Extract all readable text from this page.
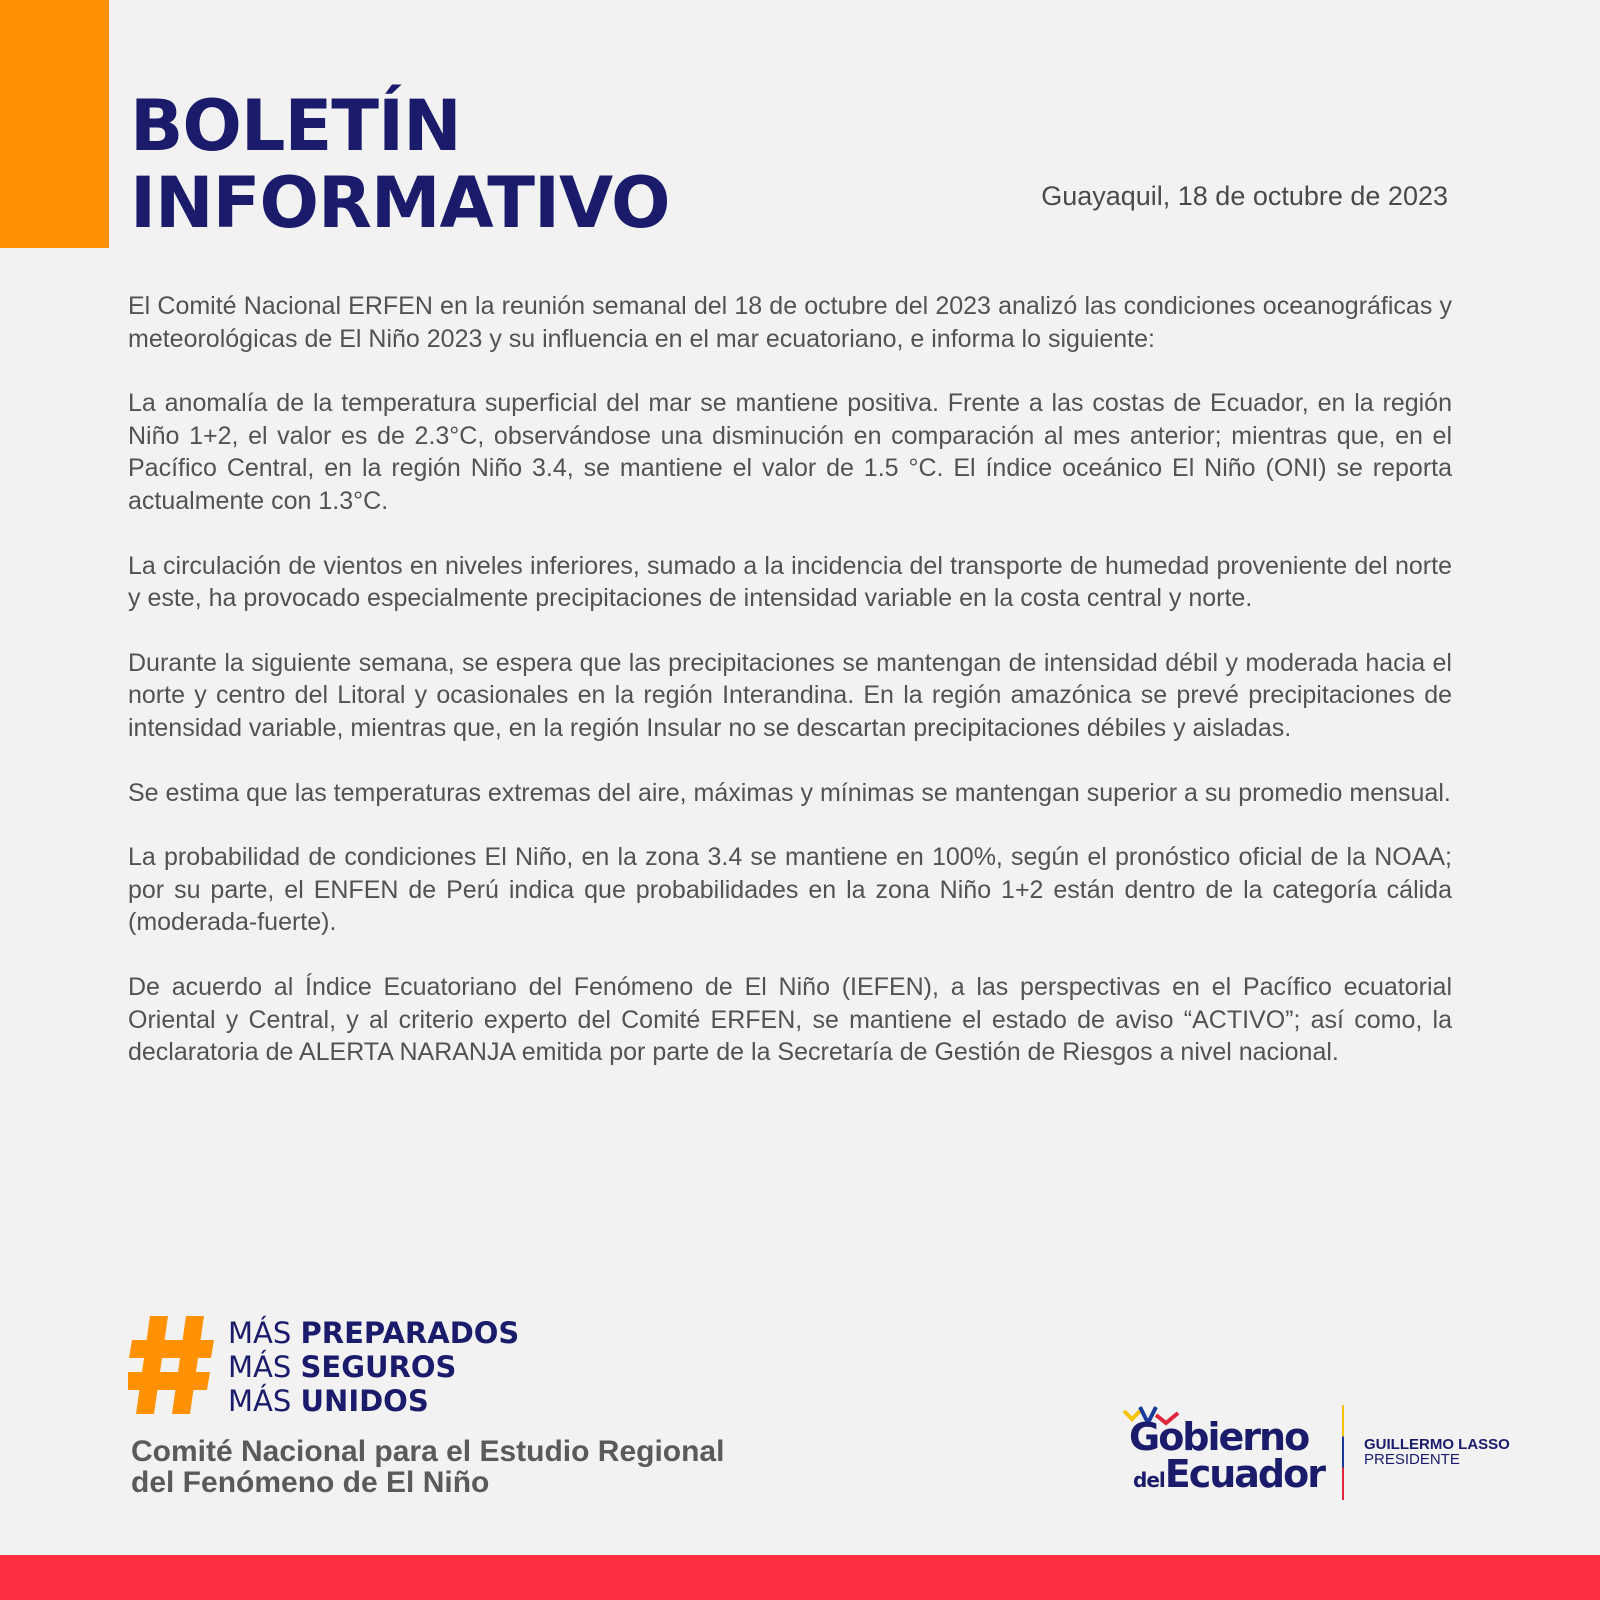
BOLETÍN
INFORMATIVO	Guayaquil, 18 de octubre de 2023

El Comité Nacional ERFEN en la reunión semanal del 18 de octubre del 2023 analizó las condiciones oceanográficas y meteorológicas de El Niño 2023 y su influencia en el mar ecuatoriano, e informa lo siguiente:

La anomalía de la temperatura superficial del mar se mantiene positiva. Frente a las costas de Ecuador, en la región Niño 1+2, el valor es de 2.3°C, observándose una disminución en comparación al mes anterior; mientras que, en el Pacífico Central, en la región Niño 3.4, se mantiene el valor de 1.5 °C. El índice oceánico El Niño (ONI) se reporta actualmente con 1.3°C.

La circulación de vientos en niveles inferiores, sumado a la incidencia del transporte de humedad proveniente del norte y este, ha provocado especialmente precipitaciones de intensidad variable en la costa central y norte.

Durante la siguiente semana, se espera que las precipitaciones se mantengan de intensidad débil y moderada hacia el norte y centro del Litoral y ocasionales en la región Interandina. En la región amazónica se prevé precipitaciones de intensidad variable, mientras que, en la región Insular no se descartan precipitaciones débiles y aisladas.

Se estima que las temperaturas extremas del aire, máximas y mínimas se mantengan superior a su promedio mensual.

La probabilidad de condiciones El Niño, en la zona 3.4 se mantiene en 100%, según el pronóstico oficial de la NOAA; por su parte, el ENFEN de Perú indica que probabilidades en la zona Niño 1+2 están dentro de la categoría cálida (moderada-fuerte).

De acuerdo al Índice Ecuatoriano del Fenómeno de El Niño (IEFEN), a las perspectivas en el Pacífico ecuatorial Oriental y Central, y al criterio experto del Comité ERFEN, se mantiene el estado de aviso “ACTIVO”; así como, la declaratoria de ALERTA NARANJA emitida por parte de la Secretaría de Gestión de Riesgos a nivel nacional.

MÁS PREPARADOS
MÁS SEGUROS
MÁS UNIDOS
Comité Nacional para el Estudio Regional
del Fenómeno de El Niño
Gobierno
delEcuador
GUILLERMO LASSO
PRESIDENTE
